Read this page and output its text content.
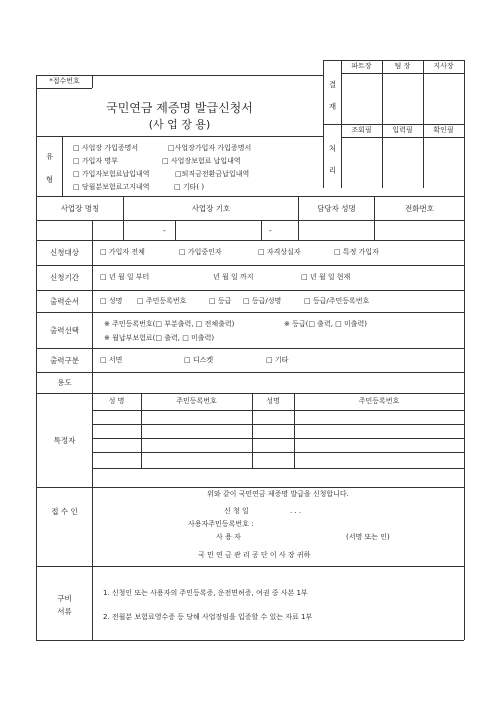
결
재
처
리
파트장	팀 장	지사장
조회필	입력필	확인필
*접수번호
국민연금 제증명 발급신청서
(사 업 장 용)
유
형
□ 사업장 가입증명서	□사업장가입자 가입증명서
□ 가입자 명부	□ 사업장보험료 납입내역
□ 가입자보험료납입내역	□퇴직금전환금납입내역
□ 당월분보험료고지내역	□ 기타( )
사업장 명칭	사업장 기호	담당자 성명	전화번호
-	-
신청대상	□ 가입자 전체	□ 가입중인자	□ 자격상실자	□ 특정 가입자
신청기간	□ 년 월 일 부터	년 월 일 까지	□ 년 월 일 현재
출력순서	□ 성명 □ 주민등록번호	□ 등급 □ 등급/성명	□ 등급/주민등록번호
출력선택
※ 주민등록번호(□ 부분출력, □ 전체출력)	※ 등급(□ 출력, □ 미출력)
※ 월납부보험료(□ 출력, □ 미출력)
출력구분	□ 서면	□ 디스켓	□ 기타
용도
특정자
성 명	주민등록번호	성명	주민등록번호
접 수 인
위와 같이 국민연금 제증명 발급을 신청합니다.
신 청 일	. . .
사용자주민등록번호 :
사 용 자	(서명 또는 인)
국 민 연 금 관 리 공 단 이 사 장 귀하
구비
서류
1. 신청인 또는 사용자의 주민등록증, 운전면허증, 여권 중 사본 1부
2. 전월분 보험료영수증 등 당해 사업장임을 입증할 수 있는 자료 1부
